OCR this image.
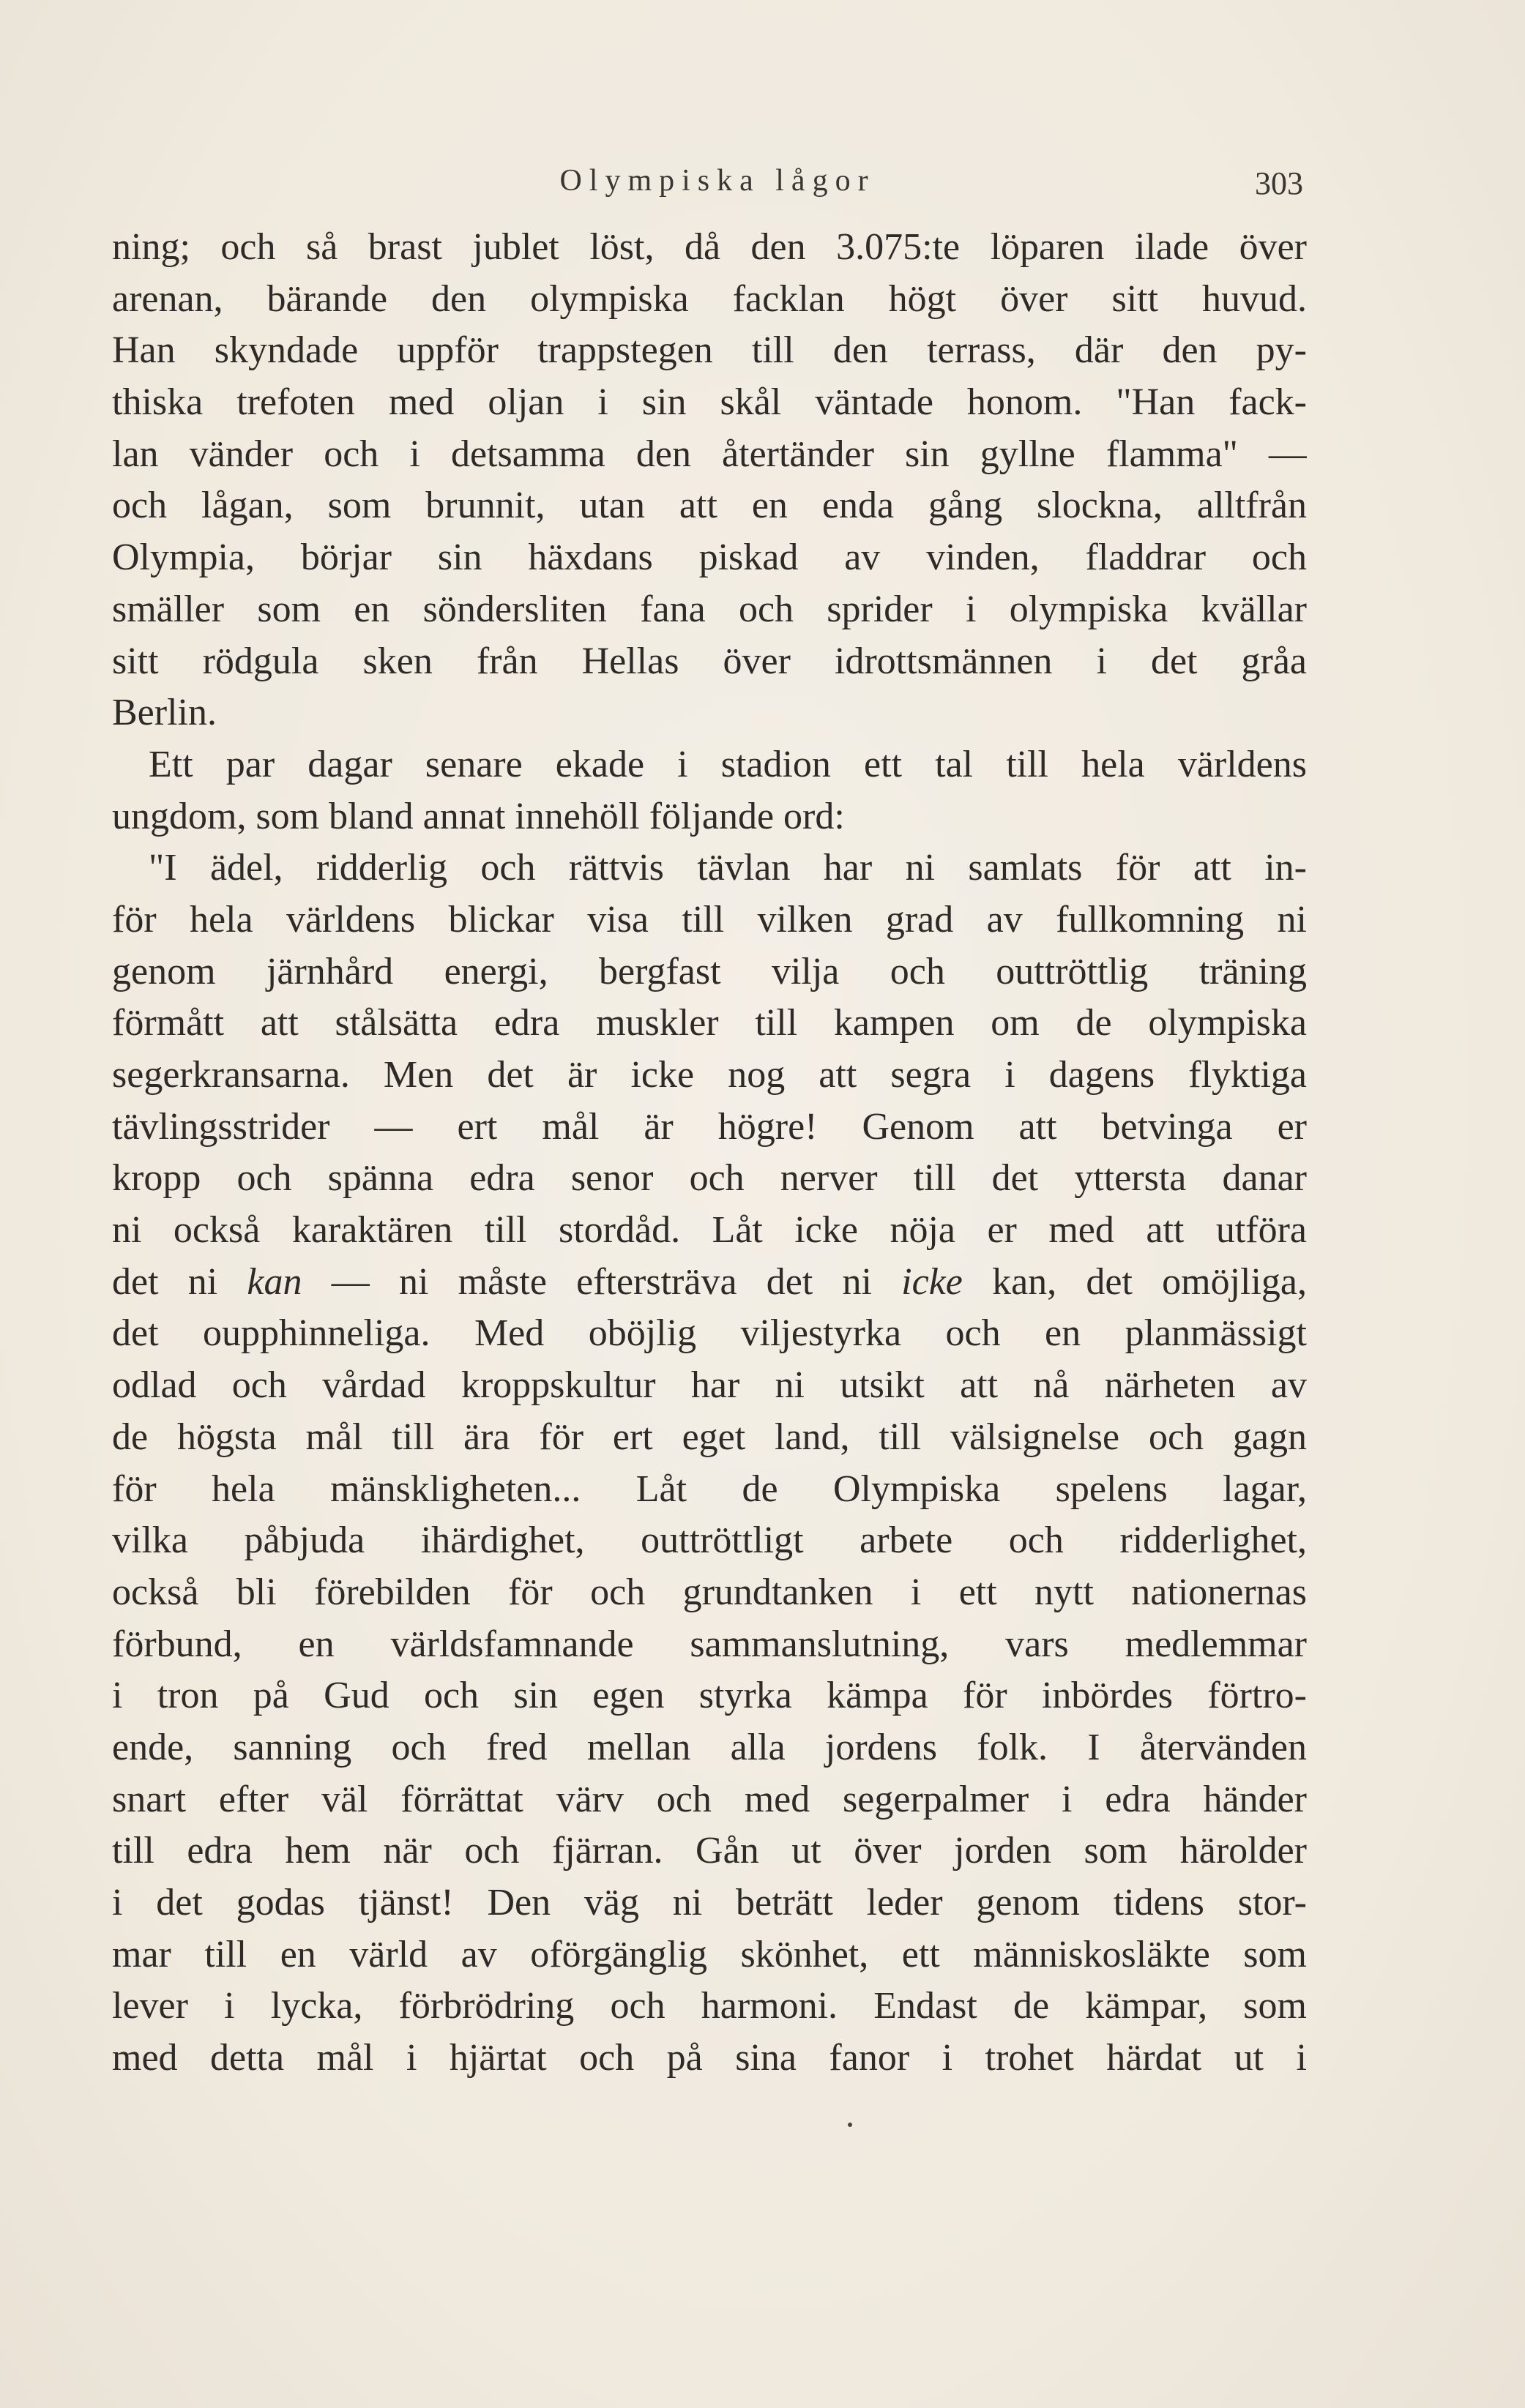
Olympiska lågor	303
ning; och så brast jublet löst, då den 3.075:te löparen ilade över
arenan, bärande den olympiska facklan högt över sitt huvud.
Han skyndade uppför trappstegen till den terrass, där den py-
thiska trefoten med oljan i sin skål väntade honom. "Han fack-
lan vänder och i detsamma den återtänder sin gyllne flamma" —
och lågan, som brunnit, utan att en enda gång slockna, alltfrån
Olympia, börjar sin häxdans piskad av vinden, fladdrar och
smäller som en söndersliten fana och sprider i olympiska kvällar
sitt rödgula sken från Hellas över idrottsmännen i det gråa
Berlin.
Ett par dagar senare ekade i stadion ett tal till hela världens
ungdom, som bland annat innehöll följande ord:
"I ädel, ridderlig och rättvis tävlan har ni samlats för att in-
för hela världens blickar visa till vilken grad av fullkomning ni
genom järnhård energi, bergfast vilja och outtröttlig träning
förmått att stålsätta edra muskler till kampen om de olympiska
segerkransarna. Men det är icke nog att segra i dagens flyktiga
tävlingsstrider — ert mål är högre! Genom att betvinga er
kropp och spänna edra senor och nerver till det yttersta danar
ni också karaktären till stordåd. Låt icke nöja er med att utföra
det ni kan — ni måste eftersträva det ni icke kan, det omöjliga,
det oupphinneliga. Med oböjlig viljestyrka och en planmässigt
odlad och vårdad kroppskultur har ni utsikt att nå närheten av
de högsta mål till ära för ert eget land, till välsignelse och gagn
för hela mänskligheten... Låt de Olympiska spelens lagar,
vilka påbjuda ihärdighet, outtröttligt arbete och ridderlighet,
också bli förebilden för och grundtanken i ett nytt nationernas
förbund, en världsfamnande sammanslutning, vars medlemmar
i tron på Gud och sin egen styrka kämpa för inbördes förtro-
ende, sanning och fred mellan alla jordens folk. I återvänden
snart efter väl förrättat värv och med segerpalmer i edra händer
till edra hem när och fjärran. Gån ut över jorden som härolder
i det godas tjänst! Den väg ni beträtt leder genom tidens stor-
mar till en värld av oförgänglig skönhet, ett människosläkte som
lever i lycka, förbrödring och harmoni. Endast de kämpar, som
med detta mål i hjärtat och på sina fanor i trohet härdat ut i
